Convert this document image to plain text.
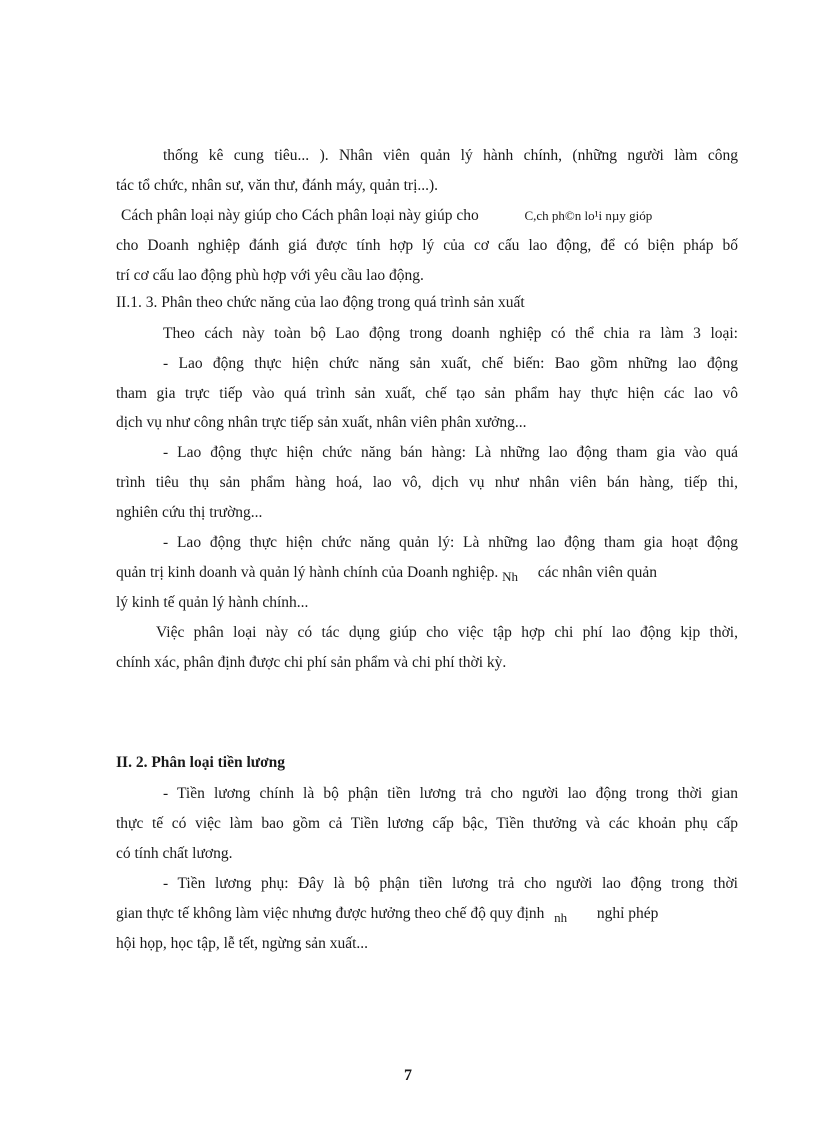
thống kê cung tiêu... ). Nhân viên quản lý hành chính, (những người làm công
tác tổ chức, nhân sư, văn thư, đánh máy, quản trị...).
Cách phân loại này giúp cho Cách phân loại này giúp cho	C,ch ph©n lo¹i nµy gióp
cho Doanh nghiệp đánh giá được tính hợp lý của cơ cấu lao động, để có biện pháp bố
trí cơ cấu lao động phù hợp với yêu cầu lao động.
II.1. 3. Phân theo chức năng của lao động trong quá trình sản xuất
Theo cách này toàn bộ Lao động trong doanh nghiệp có thể chia ra làm 3 loại:
- Lao động thực hiện chức năng sản xuất, chế biến: Bao gồm những lao động
tham gia trực tiếp vào quá trình sản xuất, chế tạo sản phẩm hay thực hiện các lao vô
dịch vụ như công nhân trực tiếp sản xuất, nhân viên phân xưởng...
- Lao động thực hiện chức năng bán hàng: Là những lao động tham gia vào quá
trình tiêu thụ sản phẩm hàng hoá, lao vô, dịch vụ như nhân viên bán hàng, tiếp thi,
nghiên cứu thị trường...
- Lao động thực hiện chức năng quản lý: Là những lao động tham gia hoạt động
quản trị kinh doanh và quản lý hành chính của Doanh nghiệp. $_{Nh}$ các nhân viên quản
lý kinh tế quản lý hành chính...
Việc phân loại này có tác dụng giúp cho việc tập hợp chi phí lao động kịp thời,
chính xác, phân định được chi phí sản phẩm và chi phí thời kỳ.
II. 2. Phân loại tiền lương
- Tiền lương chính là bộ phận tiền lương trả cho người lao động trong thời gian
thực tế có việc làm bao gồm cả Tiền lương cấp bậc, Tiền thưởng và các khoản phụ cấp
có tính chất lương.
- Tiền lương phụ: Đây là bộ phận tiền lương trả cho người lao động trong thời
gian thực tế không làm việc nhưng được hưởng theo chế độ quy định $_{nh}$ nghỉ phép
hội họp, học tập, lễ tết, ngừng sản xuất...
7
